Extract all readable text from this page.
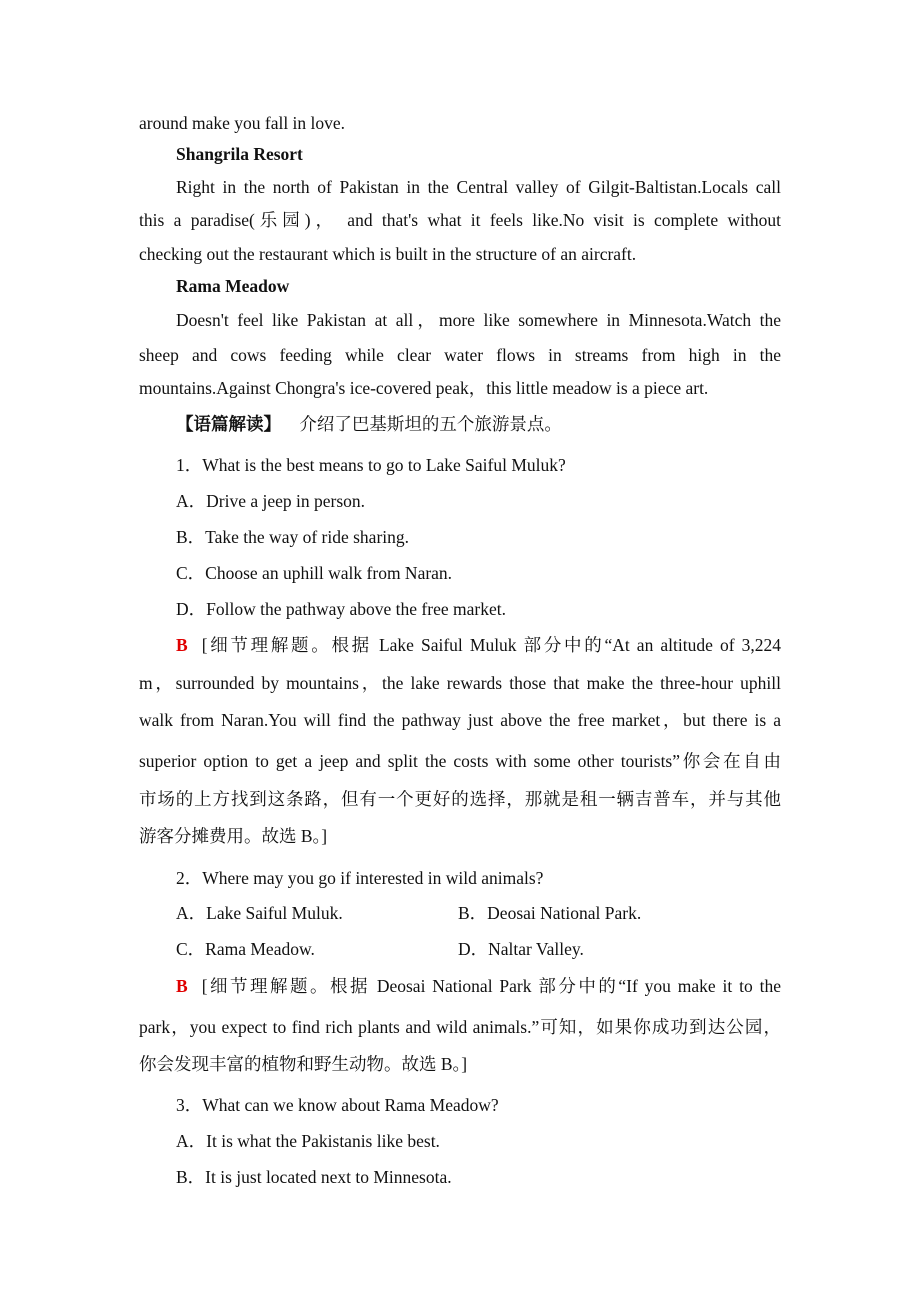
around make you fall in love.
Shangrila Resort
Right in the north of Pakistan in the Central valley of Gilgit-Baltistan.Locals call
this a paradise(乐园)， and that's what it feels like.No visit is complete without
checking out the restaurant which is built in the structure of an aircraft.
Rama Meadow
Doesn't feel like Pakistan at all，more like somewhere in Minnesota.Watch the
sheep and cows feeding while clear water flows in streams from high in the
mountains.Against Chongra's ice-covered peak，this little meadow is a piece art.
【语篇解读】 介绍了巴基斯坦的五个旅游景点。
1．What is the best means to go to Lake Saiful Muluk?
A．Drive a jeep in person.
B．Take the way of ride sharing.
C．Choose an uphill walk from Naran.
D．Follow the pathway above the free market.
B [细节理解题。根据 Lake Saiful Muluk 部分中的“At an altitude of 3,224
m，surrounded by mountains，the lake rewards those that make the three-hour uphill
walk from Naran.You will find the pathway just above the free market，but there is a
superior option to get a jeep and split the costs with some other tourists”你会在自由
市场的上方找到这条路，但有一个更好的选择，那就是租一辆吉普车，并与其他
游客分摊费用。故选 B。]
2．Where may you go if interested in wild animals?
A．Lake Saiful Muluk.	B．Deosai National Park.
C．Rama Meadow.	D．Naltar Valley.
B [细节理解题。根据 Deosai National Park 部分中的“If you make it to the
park，you expect to find rich plants and wild animals.”可知，如果你成功到达公园，
你会发现丰富的植物和野生动物。故选 B。]
3．What can we know about Rama Meadow?
A．It is what the Pakistanis like best.
B．It is just located next to Minnesota.
